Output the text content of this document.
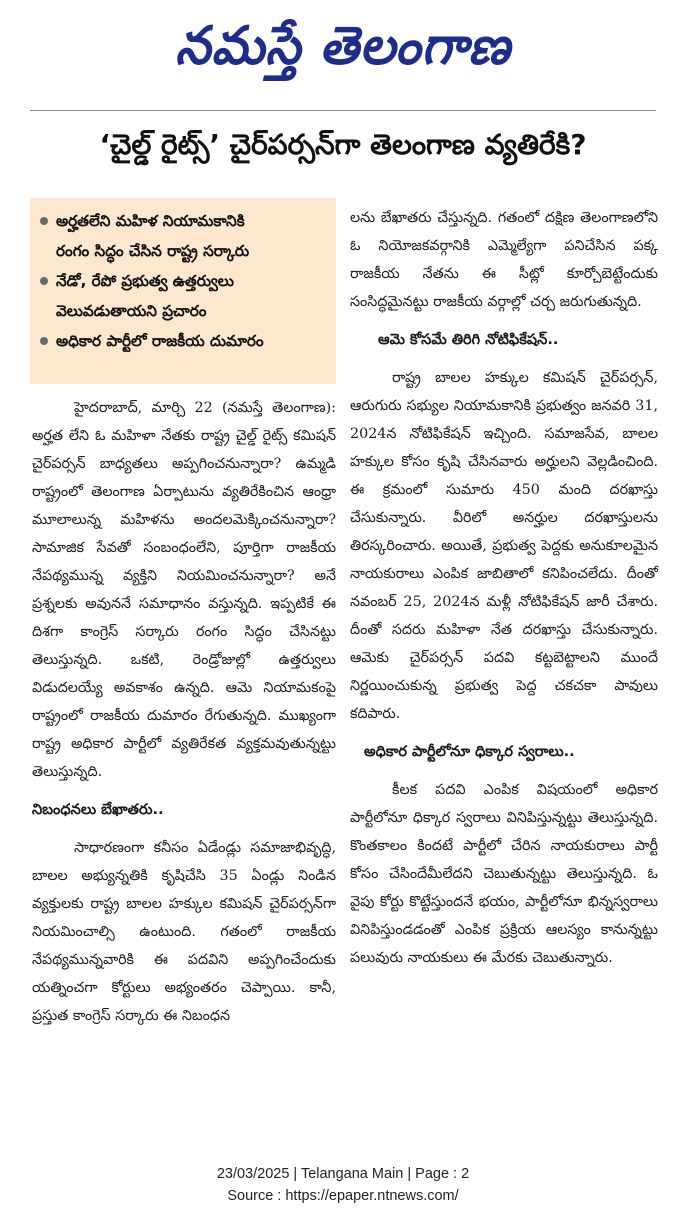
నమస్తే తెలంగాణ
‘చైల్డ్ రైట్స్’ చైర్‌పర్సన్‌గా తెలంగాణ వ్యతిరేకి?
అర్హతలేని మహిళ నియామకానికి
రంగం సిద్ధం చేసిన రాష్ట్ర సర్కారు
నేడో, రేపో ప్రభుత్వ ఉత్తర్వులు
వెలువడుతాయని ప్రచారం
అధికార పార్టీలో రాజకీయ దుమారం

హైదరాబాద్, మార్చి 22 (నమస్తే తెలంగాణ): అర్హత లేని ఓ మహిళా నేతకు రాష్ట్ర చైల్డ్ రైట్స్ కమిషన్ చైర్‌పర్సన్ బాధ్యతలు అప్పగించనున్నారా? ఉమ్మడి రాష్ట్రంలో తెలంగాణ ఏర్పాటును వ్యతిరేకించిన ఆంధ్రా మూలాలున్న మహిళను అందలమెక్కించనున్నారా? సామాజిక సేవతో సంబంధంలేని, పూర్తిగా రాజకీయ నేపథ్యమున్న వ్యక్తిని నియమించనున్నారా? అనే ప్రశ్నలకు అవుననే సమాధానం వస్తున్నది. ఇప్పటికే ఈ దిశగా కాంగ్రెస్ సర్కారు రంగం సిద్ధం చేసినట్టు తెలుస్తున్నది. ఒకటి, రెండ్రోజుల్లో ఉత్తర్వులు విడుదలయ్యే అవకాశం ఉన్నది. ఆమె నియామకంపై రాష్ట్రంలో రాజకీయ దుమారం రేగుతున్నది. ముఖ్యంగా రాష్ట్ర అధికార పార్టీలో వ్యతిరేకత వ్యక్తమవుతున్నట్టు తెలుస్తున్నది.

నిబంధనలు బేఖాతరు..

సాధారణంగా కనీసం ఏడేండ్లు సమాజాభివృద్ధి, బాలల అభ్యున్నతికి కృషిచేసి 35 ఏండ్లు నిండిన వ్యక్తులకు రాష్ట్ర బాలల హక్కుల కమిషన్ చైర్‌పర్సన్‌గా నియమించాల్సి ఉంటుంది. గతంలో రాజకీయ నేపథ్యమున్నవారికి ఈ పదవిని అప్పగించేందుకు యత్నించగా కోర్టులు అభ్యంతరం చెప్పాయి. కానీ, ప్రస్తుత కాంగ్రెస్ సర్కారు ఈ నిబంధన

లను బేఖాతరు చేస్తున్నది. గతంలో దక్షిణ తెలంగాణలోని ఓ నియోజకవర్గానికి ఎమ్మెల్యేగా పనిచేసిన పక్క రాజకీయ నేతను ఈ సీట్లో కూర్చోబెట్టేందుకు సంసిద్ధమైనట్టు రాజకీయ వర్గాల్లో చర్చ జరుగుతున్నది.

ఆమె కోసమే తిరిగి నోటిఫికేషన్..

రాష్ట్ర బాలల హక్కుల కమిషన్ చైర్‌పర్సన్, ఆరుగురు సభ్యుల నియామకానికి ప్రభుత్వం జనవరి 31, 2024న నోటిఫికేషన్ ఇచ్చింది. సమాజసేవ, బాలల హక్కుల కోసం కృషి చేసినవారు అర్హులని వెల్లడించింది. ఈ క్రమంలో సుమారు 450 మంది దరఖాస్తు చేసుకున్నారు. వీరిలో అనర్హుల దరఖాస్తులను తిరస్కరించారు. అయితే, ప్రభుత్వ పెద్దకు అనుకూలమైన నాయకురాలు ఎంపిక జాబితాలో కనిపించలేదు. దీంతో నవంబర్ 25, 2024న మళ్లీ నోటిఫికేషన్ జారీ చేశారు. దీంతో సదరు మహిళా నేత దరఖాస్తు చేసుకున్నారు. ఆమెకు చైర్‌పర్సన్ పదవి కట్టబెట్టాలని ముందే నిర్ణయించుకున్న ప్రభుత్వ పెద్ద చకచకా పావులు కదిపారు.

అధికార పార్టీలోనూ ధిక్కార స్వరాలు..

కీలక పదవి ఎంపిక విషయంలో అధికార పార్టీలోనూ ధిక్కార స్వరాలు వినిపిస్తున్నట్టు తెలుస్తున్నది. కొంతకాలం కిందటే పార్టీలో చేరిన నాయకురాలు పార్టీ కోసం చేసిందేమీలేదని చెబుతున్నట్టు తెలుస్తున్నది. ఓ వైపు కోర్టు కొట్టేస్తుందనే భయం, పార్టీలోనూ భిన్నస్వరాలు వినిపిస్తుండడంతో ఎంపిక ప్రక్రియ ఆలస్యం కానున్నట్టు పలువురు నాయకులు ఈ మేరకు చెబుతున్నారు.

23/03/2025 | Telangana Main | Page : 2
Source : https://epaper.ntnews.com/
